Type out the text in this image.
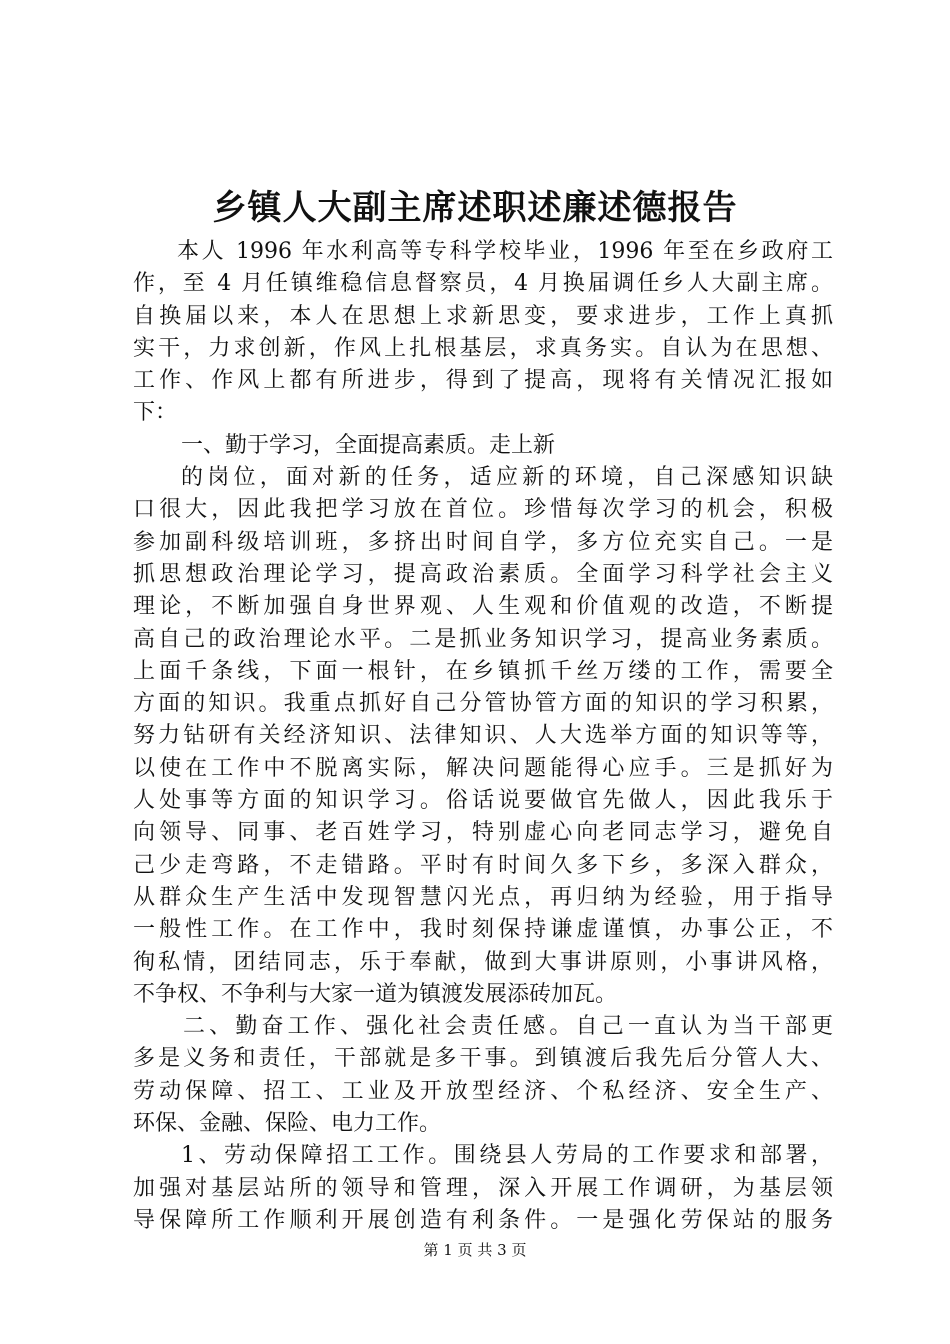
乡镇人大副主席述职述廉述德报告
本人 1996 年水利高等专科学校毕业，1996 年至在乡政府工
作，至 4 月任镇维稳信息督察员，4 月换届调任乡人大副主席。
自换届以来，本人在思想上求新思变，要求进步，工作上真抓
实干，力求创新，作风上扎根基层，求真务实。自认为在思想、
工作、作风上都有所进步，得到了提高，现将有关情况汇报如
下：
一、勤于学习，全面提高素质。走上新
的岗位，面对新的任务，适应新的环境，自己深感知识缺
口很大，因此我把学习放在首位。珍惜每次学习的机会，积极
参加副科级培训班，多挤出时间自学，多方位充实自己。一是
抓思想政治理论学习，提高政治素质。全面学习科学社会主义
理论，不断加强自身世界观、人生观和价值观的改造，不断提
高自己的政治理论水平。二是抓业务知识学习，提高业务素质。
上面千条线，下面一根针，在乡镇抓千丝万缕的工作，需要全
方面的知识。我重点抓好自己分管协管方面的知识的学习积累，
努力钻研有关经济知识、法律知识、人大选举方面的知识等等，
以使在工作中不脱离实际，解决问题能得心应手。三是抓好为
人处事等方面的知识学习。俗话说要做官先做人，因此我乐于
向领导、同事、老百姓学习，特别虚心向老同志学习，避免自
己少走弯路，不走错路。平时有时间久多下乡，多深入群众，
从群众生产生活中发现智慧闪光点，再归纳为经验，用于指导
一般性工作。在工作中，我时刻保持谦虚谨慎，办事公正，不
徇私情，团结同志，乐于奉献，做到大事讲原则，小事讲风格，
不争权、不争利与大家一道为镇渡发展添砖加瓦。
二、勤奋工作、强化社会责任感。自己一直认为当干部更
多是义务和责任，干部就是多干事。到镇渡后我先后分管人大、
劳动保障、招工、工业及开放型经济、个私经济、安全生产、
环保、金融、保险、电力工作。
1、劳动保障招工工作。围绕县人劳局的工作要求和部署，
加强对基层站所的领导和管理，深入开展工作调研，为基层领
导保障所工作顺利开展创造有利条件。一是强化劳保站的服务
第 1 页 共 3 页
